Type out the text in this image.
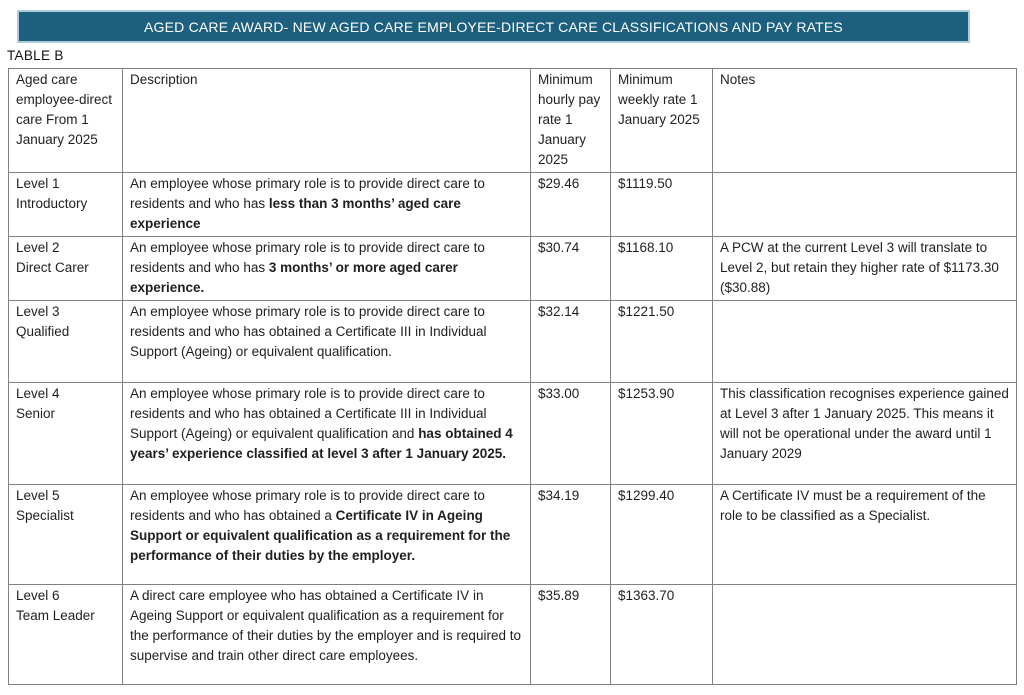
AGED CARE AWARD- NEW AGED CARE EMPLOYEE-DIRECT CARE CLASSIFICATIONS AND PAY RATES
TABLE B
Aged care employee-direct care From 1 January 2025	Description	Minimum hourly pay rate 1 January 2025	Minimum weekly rate 1 January 2025	Notes

Level 1
Introductory	An employee whose primary role is to provide direct care to residents and who has less than 3 months’ aged care experience	$29.46	$1119.50	

Level 2
Direct Carer	An employee whose primary role is to provide direct care to residents and who has 3 months’ or more aged carer experience.	$30.74	$1168.10	A PCW at the current Level 3 will translate to Level 2, but retain they higher rate of $1173.30 ($30.88)

Level 3
Qualified	An employee whose primary role is to provide direct care to residents and who has obtained a Certificate III in Individual Support (Ageing) or equivalent qualification.	$32.14	$1221.50	

Level 4
Senior	An employee whose primary role is to provide direct care to residents and who has obtained a Certificate III in Individual Support (Ageing) or equivalent qualification and has obtained 4 years’ experience classified at level 3 after 1 January 2025.	$33.00	$1253.90	This classification recognises experience gained at Level 3 after 1 January 2025. This means it will not be operational under the award until 1 January 2029

Level 5
Specialist	An employee whose primary role is to provide direct care to residents and who has obtained a Certificate IV in Ageing Support or equivalent qualification as a requirement for the performance of their duties by the employer.	$34.19	$1299.40	A Certificate IV must be a requirement of the role to be classified as a Specialist.

Level 6
Team Leader	A direct care employee who has obtained a Certificate IV in Ageing Support or equivalent qualification as a requirement for the performance of their duties by the employer and is required to supervise and train other direct care employees.	$35.89	$1363.70	
